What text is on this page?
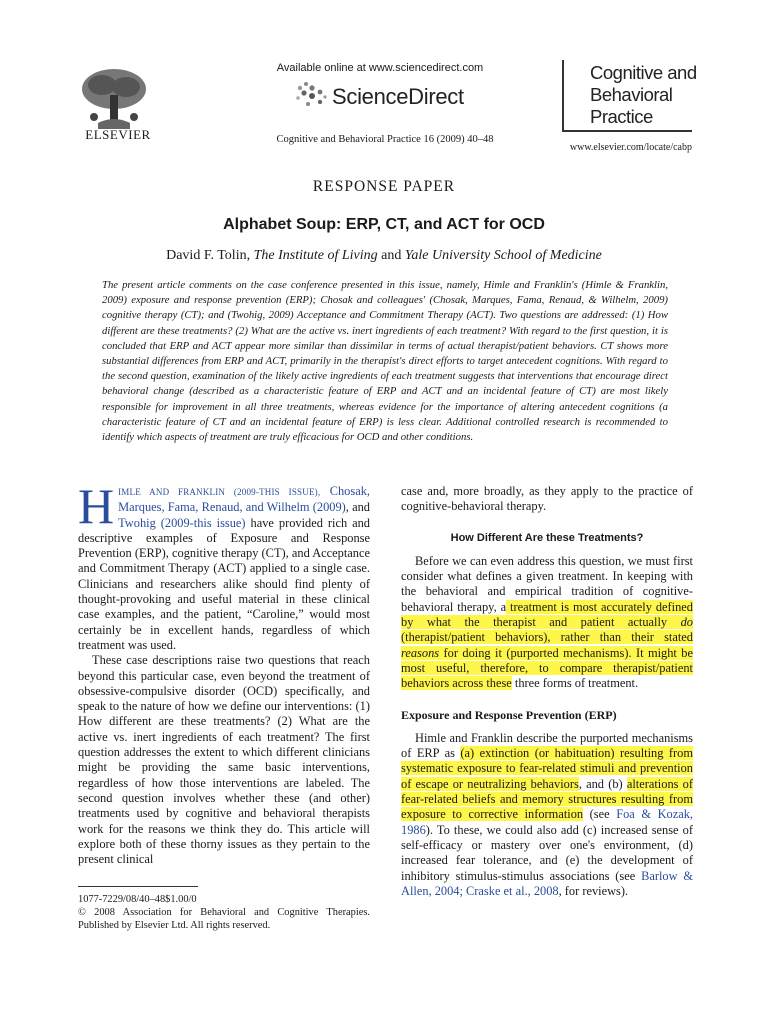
ELSEVIER
Available online at www.sciencedirect.com
ScienceDirect
Cognitive and Behavioral Practice 16 (2009) 40–48
Cognitive and
Behavioral
Practice
www.elsevier.com/locate/cabp
RESPONSE PAPER
Alphabet Soup: ERP, CT, and ACT for OCD
David F. Tolin, The Institute of Living and Yale University School of Medicine
The present article comments on the case conference presented in this issue, namely, Himle and Franklin's (Himle & Franklin, 2009) exposure and response prevention (ERP); Chosak and colleagues' (Chosak, Marques, Fama, Renaud, & Wilhelm, 2009) cognitive therapy (CT); and (Twohig, 2009) Acceptance and Commitment Therapy (ACT). Two questions are addressed: (1) How different are these treatments? (2) What are the active vs. inert ingredients of each treatment? With regard to the first question, it is concluded that ERP and ACT appear more similar than dissimilar in terms of actual therapist/patient behaviors. CT shows more substantial differences from ERP and ACT, primarily in the therapist's direct efforts to target antecedent cognitions. With regard to the second question, examination of the likely active ingredients of each treatment suggests that interventions that encourage direct behavioral change (described as a characteristic feature of ERP and ACT and an incidental feature of CT) are most likely responsible for improvement in all three treatments, whereas evidence for the importance of altering antecedent cognitions (a characteristic feature of CT and an incidental feature of ERP) is less clear. Additional controlled research is recommended to identify which aspects of treatment are truly efficacious for OCD and other conditions.

HIMLE AND FRANKLIN (2009-THIS ISSUE), Chosak, Marques, Fama, Renaud, and Wilhelm (2009), and Twohig (2009-this issue) have provided rich and descriptive examples of Exposure and Response Prevention (ERP), cognitive therapy (CT), and Acceptance and Commitment Therapy (ACT) applied to a single case. Clinicians and researchers alike should find plenty of thought-provoking and useful material in these clinical case examples, and the patient, “Caroline,” would most certainly be in excellent hands, regardless of which treatment was used.

These case descriptions raise two questions that reach beyond this particular case, even beyond the treatment of obsessive-compulsive disorder (OCD) specifically, and speak to the nature of how we define our interventions: (1) How different are these treatments? (2) What are the active vs. inert ingredients of each treatment? The first question addresses the extent to which different clinicians might be providing the same basic interventions, regardless of how those interventions are labeled. The second question involves whether these (and other) treatments used by cognitive and behavioral therapists work for the reasons we think they do. This article will explore both of these thorny issues as they pertain to the present clinical

1077-7229/08/40–48$1.00/0
© 2008 Association for Behavioral and Cognitive Therapies. Published by Elsevier Ltd. All rights reserved.

case and, more broadly, as they apply to the practice of cognitive-behavioral therapy.

How Different Are these Treatments?

Before we can even address this question, we must first consider what defines a given treatment. In keeping with the behavioral and empirical tradition of cognitive-behavioral therapy, a treatment is most accurately defined by what the therapist and patient actually do (therapist/patient behaviors), rather than their stated reasons for doing it (purported mechanisms). It might be most useful, therefore, to compare therapist/patient behaviors across these three forms of treatment.

Exposure and Response Prevention (ERP)

Himle and Franklin describe the purported mechanisms of ERP as (a) extinction (or habituation) resulting from systematic exposure to fear-related stimuli and prevention of escape or neutralizing behaviors, and (b) alterations of fear-related beliefs and memory structures resulting from exposure to corrective information (see Foa & Kozak, 1986). To these, we could also add (c) increased sense of self-efficacy or mastery over one's environment, (d) increased fear tolerance, and (e) the development of inhibitory stimulus-stimulus associations (see Barlow & Allen, 2004; Craske et al., 2008, for reviews).
